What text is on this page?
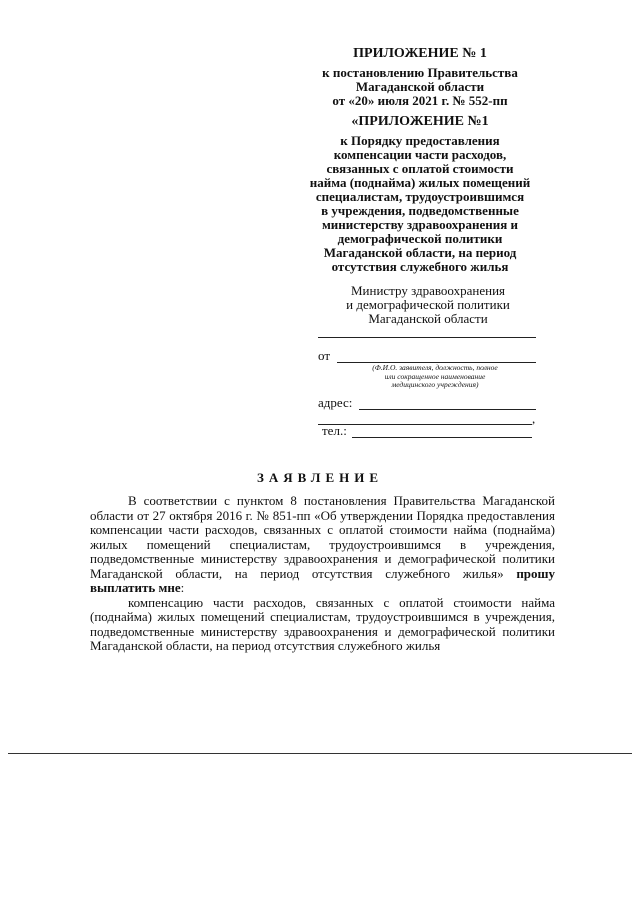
ПРИЛОЖЕНИЕ № 1
к постановлению Правительства
Магаданской области
от «20» июля 2021 г. № 552-пп
«ПРИЛОЖЕНИЕ №1
к Порядку предоставления
компенсации части расходов,
связанных с оплатой стоимости
найма (поднайма) жилых помещений
специалистам, трудоустроившимся
в учреждения, подведомственные
министерству здравоохранения и
демографической политики
Магаданской области, на период
отсутствия служебного жилья
Министру здравоохранения
и демографической политики
Магаданской области
от
(Ф.И.О. заявителя, должность, полное
или сокращенное наименование
медицинского учреждения)
адрес:
,
тел.:
ЗАЯВЛЕНИЕ

В соответствии с пунктом 8 постановления Правительства Магаданской области от 27 октября 2016 г. № 851-пп «Об утверждении Порядка предоставления компенсации части расходов, связанных с оплатой стоимости найма (поднайма) жилых помещений специалистам, трудоустроившимся в учреждения, подведомственные министерству здравоохранения и демографической политики Магаданской области, на период отсутствия служебного жилья» прошу выплатить мне:

компенсацию части расходов, связанных с оплатой стоимости найма (поднайма) жилых помещений специалистам, трудоустроившимся в учреждения, подведомственные министерству здравоохранения и демографической политики Магаданской области, на период отсутствия служебного жилья
